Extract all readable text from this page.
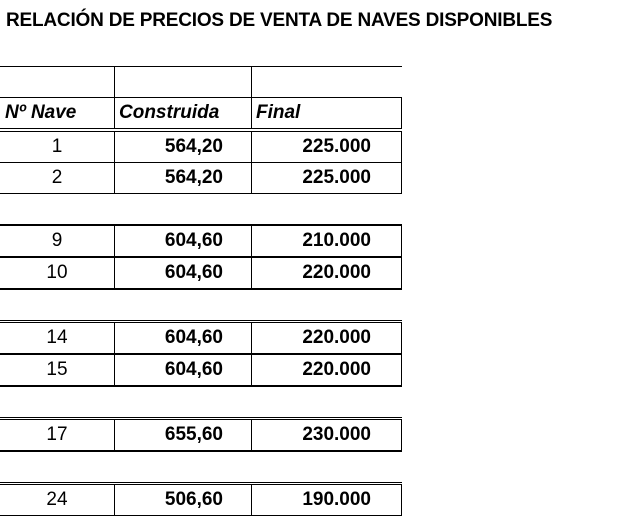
RELACIÓN DE PRECIOS DE VENTA DE NAVES DISPONIBLES
Nº Nave	Construida	Final
1	564,20	225.000
2	564,20	225.000
9	604,60	210.000
10	604,60	220.000
14	604,60	220.000
15	604,60	220.000
17	655,60	230.000
24	506,60	190.000
